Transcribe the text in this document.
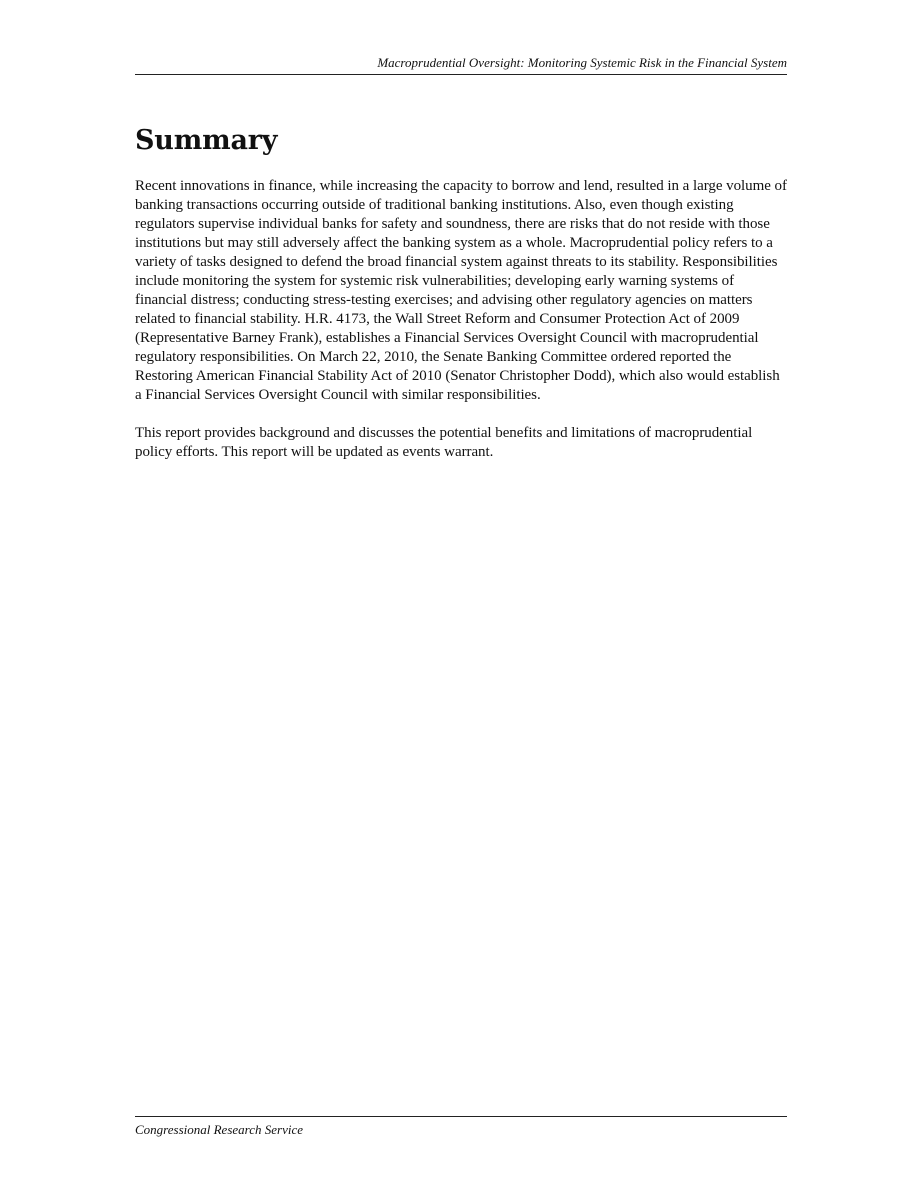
Macroprudential Oversight: Monitoring Systemic Risk in the Financial System
Summary

Recent innovations in finance, while increasing the capacity to borrow and lend, resulted in a large volume of banking transactions occurring outside of traditional banking institutions. Also, even though existing regulators supervise individual banks for safety and soundness, there are risks that do not reside with those institutions but may still adversely affect the banking system as a whole. Macroprudential policy refers to a variety of tasks designed to defend the broad financial system against threats to its stability. Responsibilities include monitoring the system for systemic risk vulnerabilities; developing early warning systems of financial distress; conducting stress-testing exercises; and advising other regulatory agencies on matters related to financial stability. H.R. 4173, the Wall Street Reform and Consumer Protection Act of 2009 (Representative Barney Frank), establishes a Financial Services Oversight Council with macroprudential regulatory responsibilities. On March 22, 2010, the Senate Banking Committee ordered reported the Restoring American Financial Stability Act of 2010 (Senator Christopher Dodd), which also would establish a Financial Services Oversight Council with similar responsibilities.

This report provides background and discusses the potential benefits and limitations of macroprudential policy efforts. This report will be updated as events warrant.

Congressional Research Service
